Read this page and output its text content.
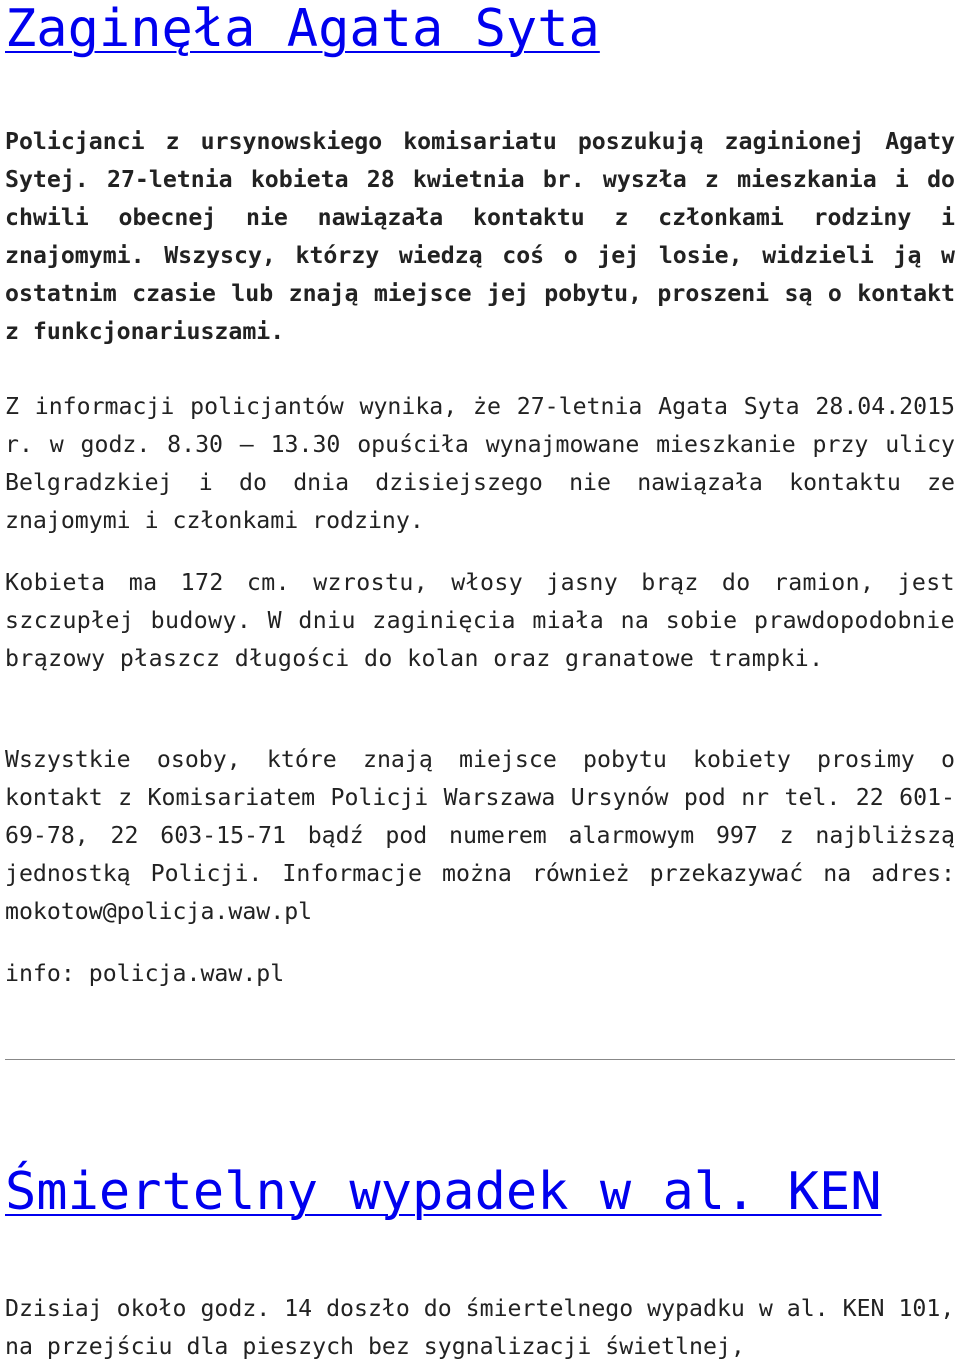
Zaginęła Agata Syta

Policjanci z ursynowskiego komisariatu poszukują zaginionej Agaty Sytej. 27-letnia kobieta 28 kwietnia br. wyszła z mieszkania i do chwili obecnej nie nawiązała kontaktu z członkami rodziny i znajomymi. Wszyscy, którzy wiedzą coś o jej losie, widzieli ją w ostatnim czasie lub znają miejsce jej pobytu, proszeni są o kontakt z funkcjonariuszami.

Z informacji policjantów wynika, że 27-letnia Agata Syta 28.04.2015 r. w godz. 8.30 – 13.30 opuściła wynajmowane mieszkanie przy ulicy Belgradzkiej i do dnia dzisiejszego nie nawiązała kontaktu ze znajomymi i członkami rodziny.

Kobieta ma 172 cm. wzrostu, włosy jasny brąz do ramion, jest szczupłej budowy. W dniu zaginięcia miała na sobie prawdopodobnie brązowy płaszcz długości do kolan oraz granatowe trampki.

Wszystkie osoby, które znają miejsce pobytu kobiety prosimy o kontakt z Komisariatem Policji Warszawa Ursynów pod nr tel. 22 601- 69-78, 22 603-15-71 bądź pod numerem alarmowym 997 z najbliższą jednostką Policji. Informacje można również przekazywać na adres: mokotow@policja.waw.pl

info: policja.waw.pl

Śmiertelny wypadek w al. KEN

Dzisiaj około godz. 14 doszło do śmiertelnego wypadku w al. KEN 101, na przejściu dla pieszych bez sygnalizacji świetlnej,
